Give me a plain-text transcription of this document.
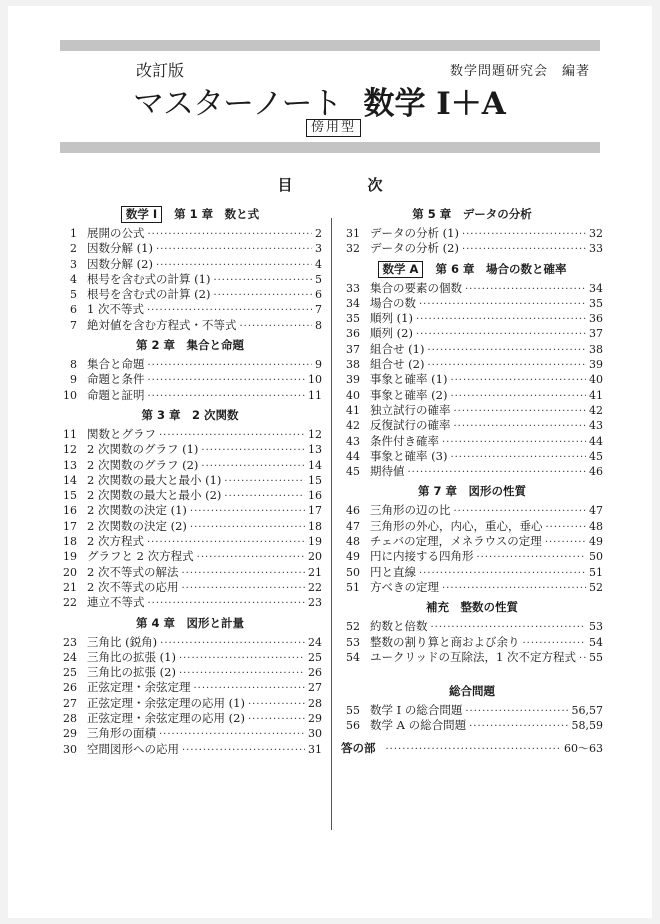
改訂版	数学問題研究会　編著
マスターノート 数学 I＋A
傍用型
目　次
数学 I 第 1 章　数と式
1 展開の公式 ·····	2
2 因数分解 (1) ·····	3
3 因数分解 (2) ·····	4
4 根号を含む式の計算 (1) ·····	5
5 根号を含む式の計算 (2) ·····	6
6 1 次不等式 ·····	7
7 絶対値を含む方程式・不等式 ·····	8
第 2 章　集合と命題
8 集合と命題 ·····	9
9 命題と条件 ·····	10
10 命題と証明 ·····	11
第 3 章　2 次関数
11 関数とグラフ ·····	12
12 2 次関数のグラフ (1) ·····	13
13 2 次関数のグラフ (2) ·····	14
14 2 次関数の最大と最小 (1) ·····	15
15 2 次関数の最大と最小 (2) ·····	16
16 2 次関数の決定 (1) ·····	17
17 2 次関数の決定 (2) ·····	18
18 2 次方程式 ·····	19
19 グラフと 2 次方程式 ·····	20
20 2 次不等式の解法 ·····	21
21 2 次不等式の応用 ·····	22
22 連立不等式 ·····	23
第 4 章　図形と計量
23 三角比 (鋭角) ·····	24
24 三角比の拡張 (1) ·····	25
25 三角比の拡張 (2) ·····	26
26 正弦定理・余弦定理 ·····	27
27 正弦定理・余弦定理の応用 (1) ·····	28
28 正弦定理・余弦定理の応用 (2) ·····	29
29 三角形の面積 ·····	30
30 空間図形への応用 ·····	31
第 5 章　データの分析
31 データの分析 (1) ·····	32
32 データの分析 (2) ·····	33
数学 A 第 6 章　場合の数と確率
33 集合の要素の個数 ·····	34
34 場合の数 ·····	35
35 順列 (1) ·····	36
36 順列 (2) ·····	37
37 組合せ (1) ·····	38
38 組合せ (2) ·····	39
39 事象と確率 (1) ·····	40
40 事象と確率 (2) ·····	41
41 独立試行の確率 ·····	42
42 反復試行の確率 ·····	43
43 条件付き確率 ·····	44
44 事象と確率 (3) ·····	45
45 期待値 ·····	46
第 7 章　図形の性質
46 三角形の辺の比 ·····	47
47 三角形の外心，内心，重心，垂心 ·····	48
48 チェバの定理，メネラウスの定理 ·····	49
49 円に内接する四角形 ·····	50
50 円と直線 ·····	51
51 方べきの定理 ·····	52
補充　整数の性質
52 約数と倍数 ·····	53
53 整数の割り算と商および余り ·····	54
54 ユークリッドの互除法，1 次不定方程式 ····· 55
総合問題
55 数学 I の総合問題 ·····	56,57
56 数学 A の総合問題 ·····	58,59
答の部 ·····	60～63
